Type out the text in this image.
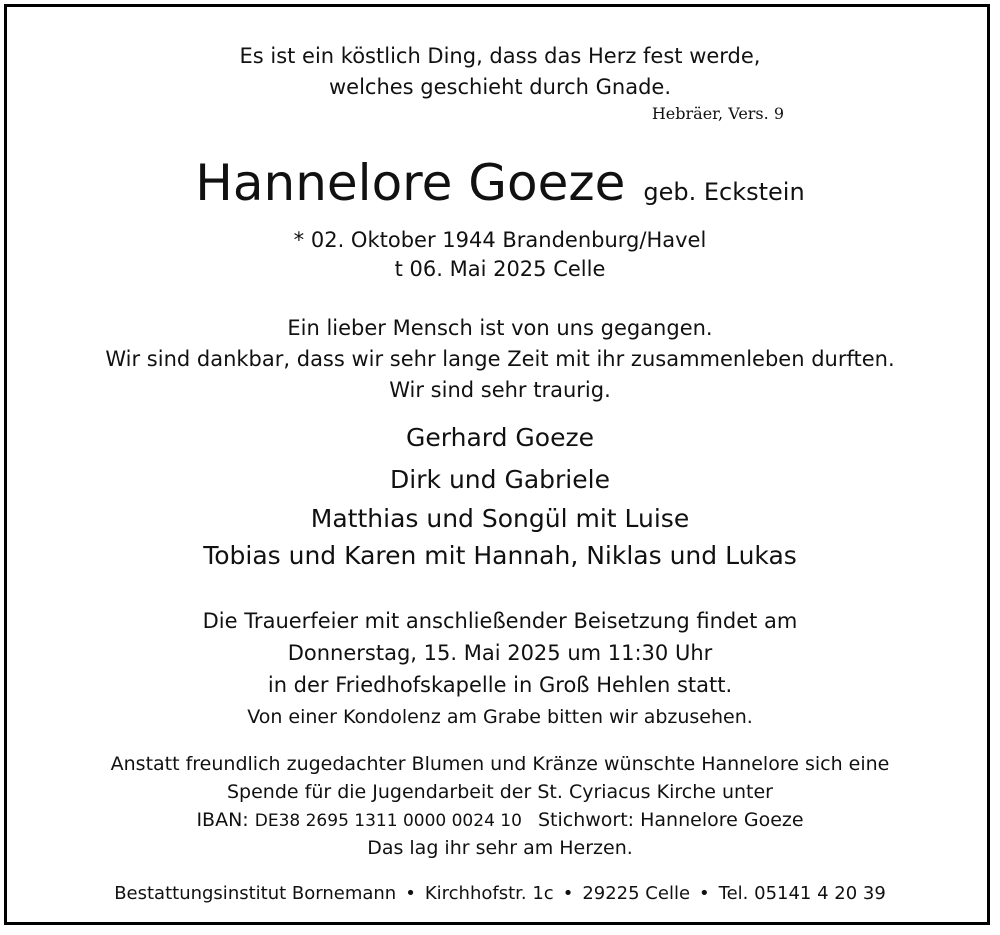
Es ist ein köstlich Ding, dass das Herz fest werde,
welches geschieht durch Gnade.
Hebräer, Vers. 9
Hannelore Goeze geb. Eckstein
* 02. Oktober 1944 Brandenburg/Havel
t 06. Mai 2025 Celle
Ein lieber Mensch ist von uns gegangen.
Wir sind dankbar, dass wir sehr lange Zeit mit ihr zusammenleben durften.
Wir sind sehr traurig.
Gerhard Goeze
Dirk und Gabriele
Matthias und Songül mit Luise
Tobias und Karen mit Hannah, Niklas und Lukas
Die Trauerfeier mit anschließender Beisetzung findet am
Donnerstag, 15. Mai 2025 um 11:30 Uhr
in der Friedhofskapelle in Groß Hehlen statt.
Von einer Kondolenz am Grabe bitten wir abzusehen.
Anstatt freundlich zugedachter Blumen und Kränze wünschte Hannelore sich eine
Spende für die Jugendarbeit der St. Cyriacus Kirche unter
IBAN: DE38 2695 1311 0000 0024 10 Stichwort: Hannelore Goeze
Das lag ihr sehr am Herzen.
Bestattungsinstitut Bornemann • Kirchhofstr. 1c • 29225 Celle • Tel. 05141 4 20 39
